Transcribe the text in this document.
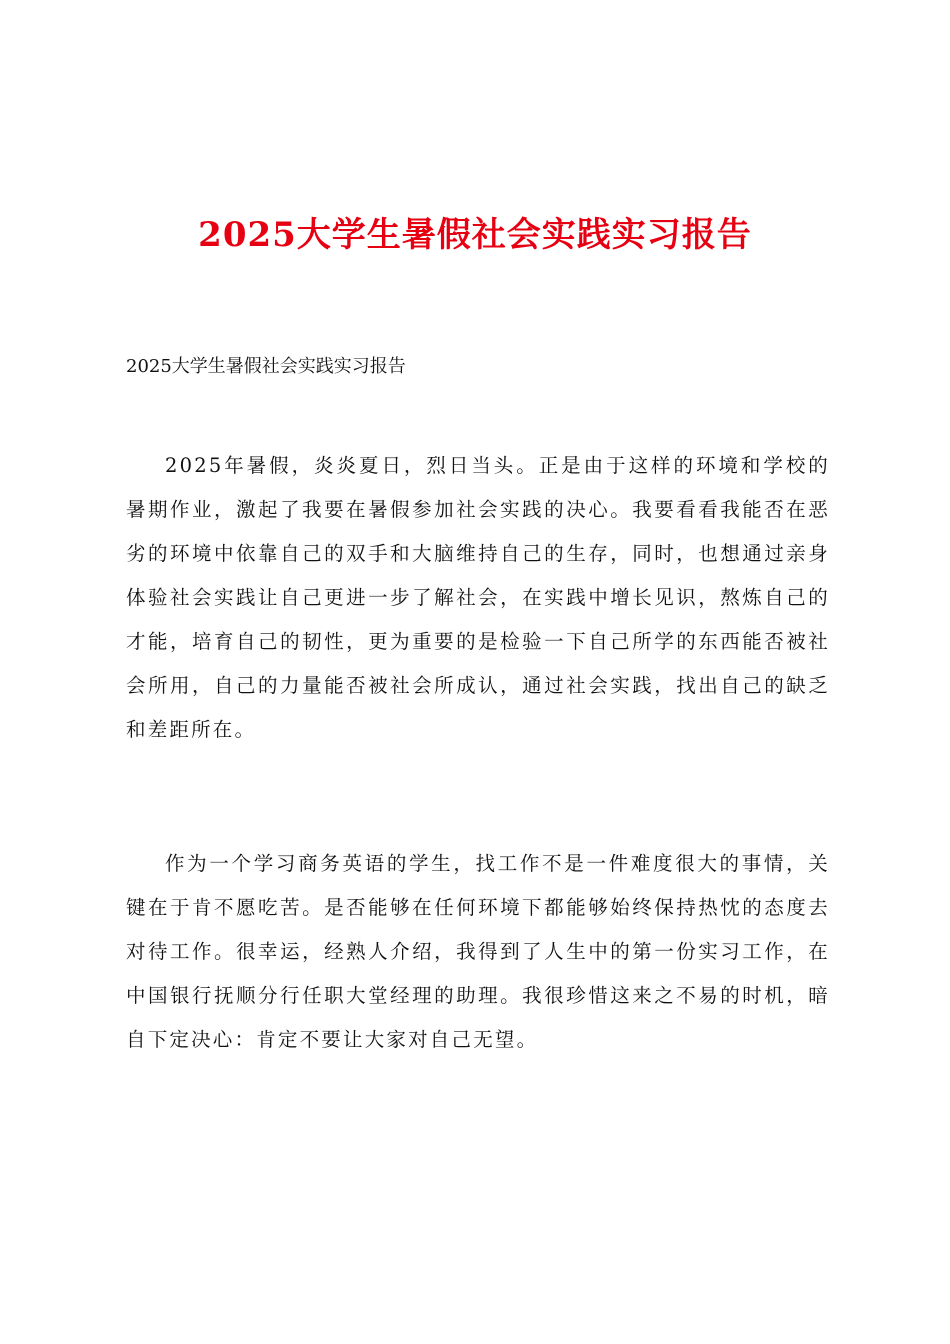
2025大学生暑假社会实践实习报告
2025大学生暑假社会实践实习报告

2025年暑假，炎炎夏日，烈日当头。正是由于这样的环境和学校的暑期作业，激起了我要在暑假参加社会实践的决心。我要看看我能否在恶劣的环境中依靠自己的双手和大脑维持自己的生存，同时，也想通过亲身体验社会实践让自己更进一步了解社会，在实践中增长见识，熬炼自己的才能，培育自己的韧性，更为重要的是检验一下自己所学的东西能否被社会所用，自己的力量能否被社会所成认，通过社会实践，找出自己的缺乏和差距所在。

作为一个学习商务英语的学生，找工作不是一件难度很大的事情，关键在于肯不愿吃苦。是否能够在任何环境下都能够始终保持热忱的态度去对待工作。很幸运，经熟人介绍，我得到了人生中的第一份实习工作，在中国银行抚顺分行任职大堂经理的助理。我很珍惜这来之不易的时机，暗自下定决心：肯定不要让大家对自己无望。
